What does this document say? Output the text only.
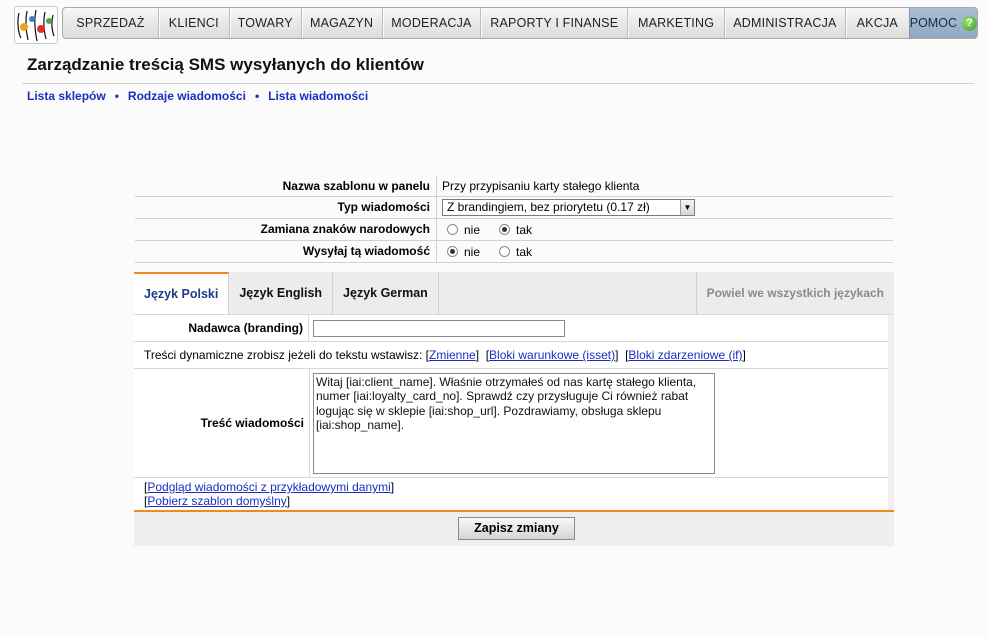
SPRZEDAŻ	KLIENCI	TOWARY	MAGAZYN	MODERACJA	RAPORTY I FINANSE	MARKETING	ADMINISTRACJA	AKCJA POMOC ?
Zarządzanie treścią SMS wysyłanych do klientów
Lista sklepów • Rodzaje wiadomości • Lista wiadomości
Nazwa szablonu w panelu	Przy przypisaniu karty stałego klienta
Typ wiadomości	Z brandingiem, bez priorytetu (0.17 zł)	▼
Zamiana znaków narodowych	nie	tak
Wysyłaj tą wiadomość	nie	tak
Język Polski	Język English	Język German	Powiel we wszystkich językach
Nadawca (branding)
Treści dynamiczne zrobisz jeżeli do tekstu wstawisz: [ Zmienne ]  [ Bloki warunkowe (isset) ]  [ Bloki zdarzeniowe (if) ]
Treść wiadomości
Witaj [iai:client_name]. Właśnie otrzymałeś od nas kartę stałego klienta, numer [iai:loyalty_card_no]. Sprawdź czy przysługuje Ci również rabat logując się w sklepie [iai:shop_url]. Pozdrawiamy, obsługa sklepu [iai:shop_name].
[Podgląd wiadomości z przykładowymi danymi]
[Pobierz szablon domyślny]
Zapisz zmiany
